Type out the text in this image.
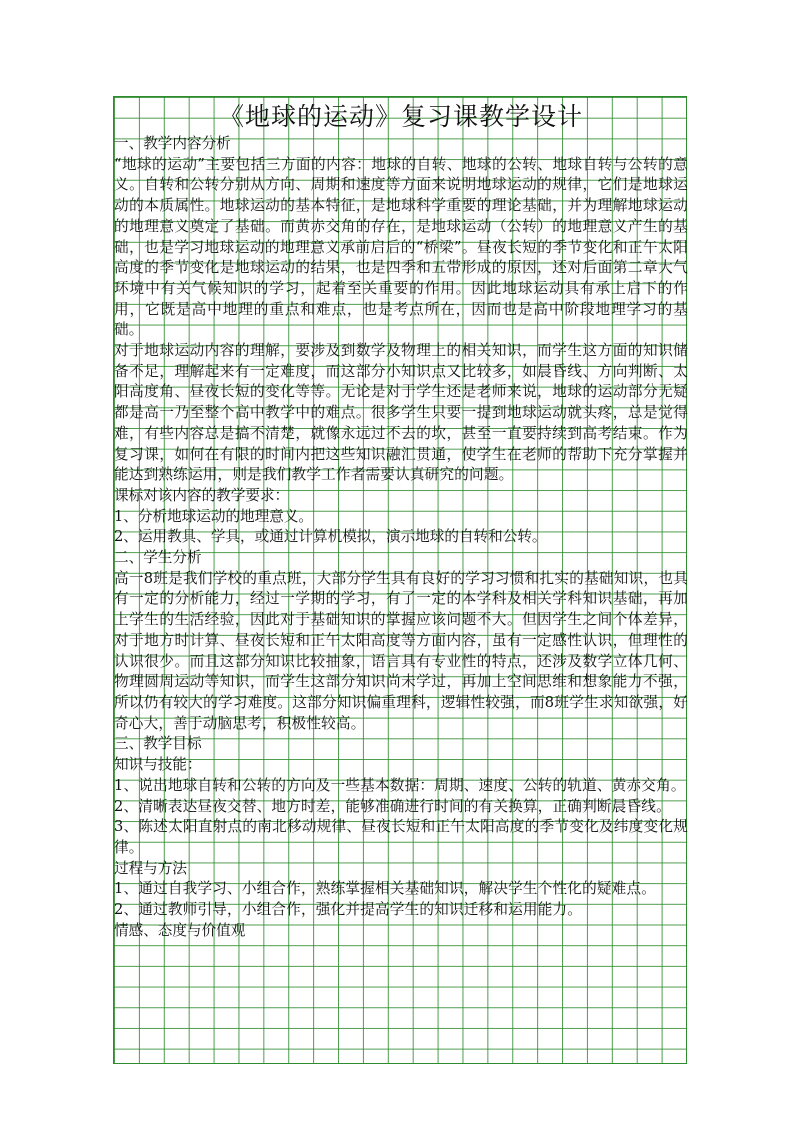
《地球的运动》复习课教学设计

一、教学内容分析

“地球的运动”主要包括三方面的内容：地球的自转、地球的公转、地球自转与公转的意义。自转和公转分别从方向、周期和速度等方面来说明地球运动的规律，它们是地球运动的本质属性。地球运动的基本特征，是地球科学重要的理论基础，并为理解地球运动的地理意义奠定了基础。而黄赤交角的存在，是地球运动（公转）的地理意义产生的基础，也是学习地球运动的地理意义承前启后的“桥梁”。昼夜长短的季节变化和正午太阳高度的季节变化是地球运动的结果，也是四季和五带形成的原因，还对后面第二章大气环境中有关气候知识的学习，起着至关重要的作用。因此地球运动具有承上启下的作用，它既是高中地理的重点和难点，也是考点所在，因而也是高中阶段地理学习的基础。

对于地球运动内容的理解，要涉及到数学及物理上的相关知识，而学生这方面的知识储备不足，理解起来有一定难度，而这部分小知识点又比较多，如晨昏线、方向判断、太阳高度角、昼夜长短的变化等等。无论是对于学生还是老师来说，地球的运动部分无疑都是高一乃至整个高中教学中的难点。很多学生只要一提到地球运动就头疼，总是觉得难，有些内容总是搞不清楚，就像永远过不去的坎，甚至一直要持续到高考结束。作为复习课，如何在有限的时间内把这些知识融汇贯通，使学生在老师的帮助下充分掌握并能达到熟练运用，则是我们教学工作者需要认真研究的问题。

课标对该内容的教学要求：

1、分析地球运动的地理意义。

2、运用教具、学具，或通过计算机模拟，演示地球的自转和公转。

二、学生分析

高一8班是我们学校的重点班，大部分学生具有良好的学习习惯和扎实的基础知识，也具有一定的分析能力，经过一学期的学习，有了一定的本学科及相关学科知识基础，再加上学生的生活经验，因此对于基础知识的掌握应该问题不大。但因学生之间个体差异，对于地方时计算、昼夜长短和正午太阳高度等方面内容，虽有一定感性认识，但理性的认识很少。而且这部分知识比较抽象，语言具有专业性的特点，还涉及数学立体几何、物理圆周运动等知识，而学生这部分知识尚未学过，再加上空间思维和想象能力不强，所以仍有较大的学习难度。这部分知识偏重理科，逻辑性较强，而8班学生求知欲强，好奇心大，善于动脑思考，积极性较高。

三、教学目标

知识与技能：

1、说出地球自转和公转的方向及一些基本数据：周期、速度、公转的轨道、黄赤交角。

2、清晰表达昼夜交替、地方时差，能够准确进行时间的有关换算，正确判断晨昏线。

3、陈述太阳直射点的南北移动规律、昼夜长短和正午太阳高度的季节变化及纬度变化规律。

过程与方法

1、通过自我学习、小组合作，熟练掌握相关基础知识，解决学生个性化的疑难点。

2、通过教师引导，小组合作，强化并提高学生的知识迁移和运用能力。

情感、态度与价值观
